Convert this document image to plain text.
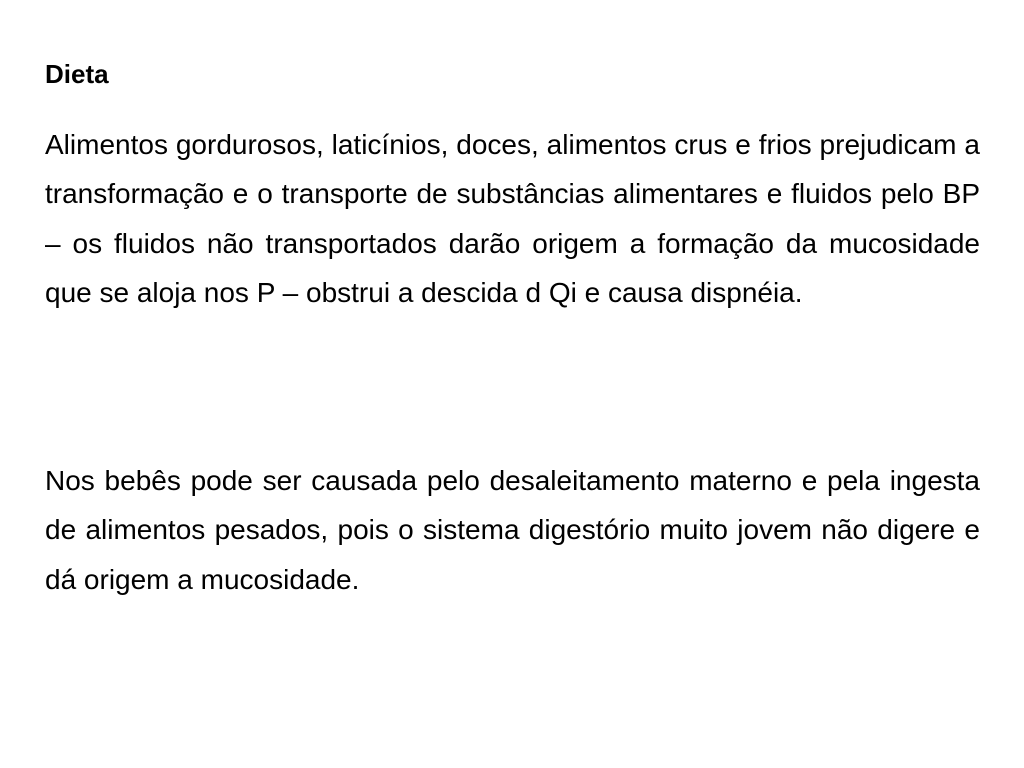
Dieta

Alimentos gordurosos, laticínios, doces, alimentos crus e frios prejudicam a transformação e o transporte de substâncias alimentares e fluidos pelo BP – os fluidos não transportados darão origem a formação da mucosidade que se aloja nos P – obstrui a descida d Qi e causa dispnéia.

Nos bebês pode ser causada pelo desaleitamento materno e pela ingesta de alimentos pesados, pois o sistema digestório muito jovem não digere e dá origem a mucosidade.
